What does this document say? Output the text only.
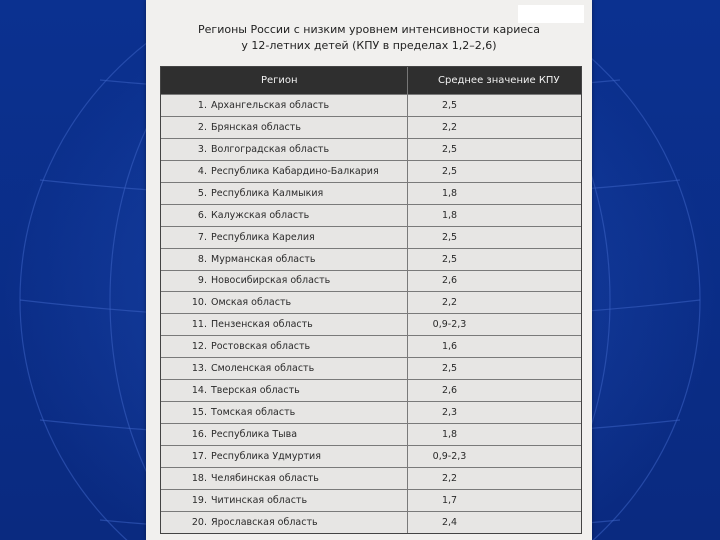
Регионы России с низким уровнем интенсивности кариеса
у 12-летних детей (КПУ в пределах 1,2–2,6)
Регион	Среднее значение КПУ
1. Архангельская область	2,5
2. Брянская область	2,2
3. Волгоградская область	2,5
4. Республика Кабардино-Балкария	2,5
5. Республика Калмыкия	1,8
6. Калужская область	1,8
7. Республика Карелия	2,5
8. Мурманская область	2,5
9. Новосибирская область	2,6
10. Омская область	2,2
11. Пензенская область	0,9-2,3
12. Ростовская область	1,6
13. Смоленская область	2,5
14. Тверская область	2,6
15. Томская область	2,3
16. Республика Тыва	1,8
17. Республика Удмуртия	0,9-2,3
18. Челябинская область	2,2
19. Читинская область	1,7
20. Ярославская область	2,4
